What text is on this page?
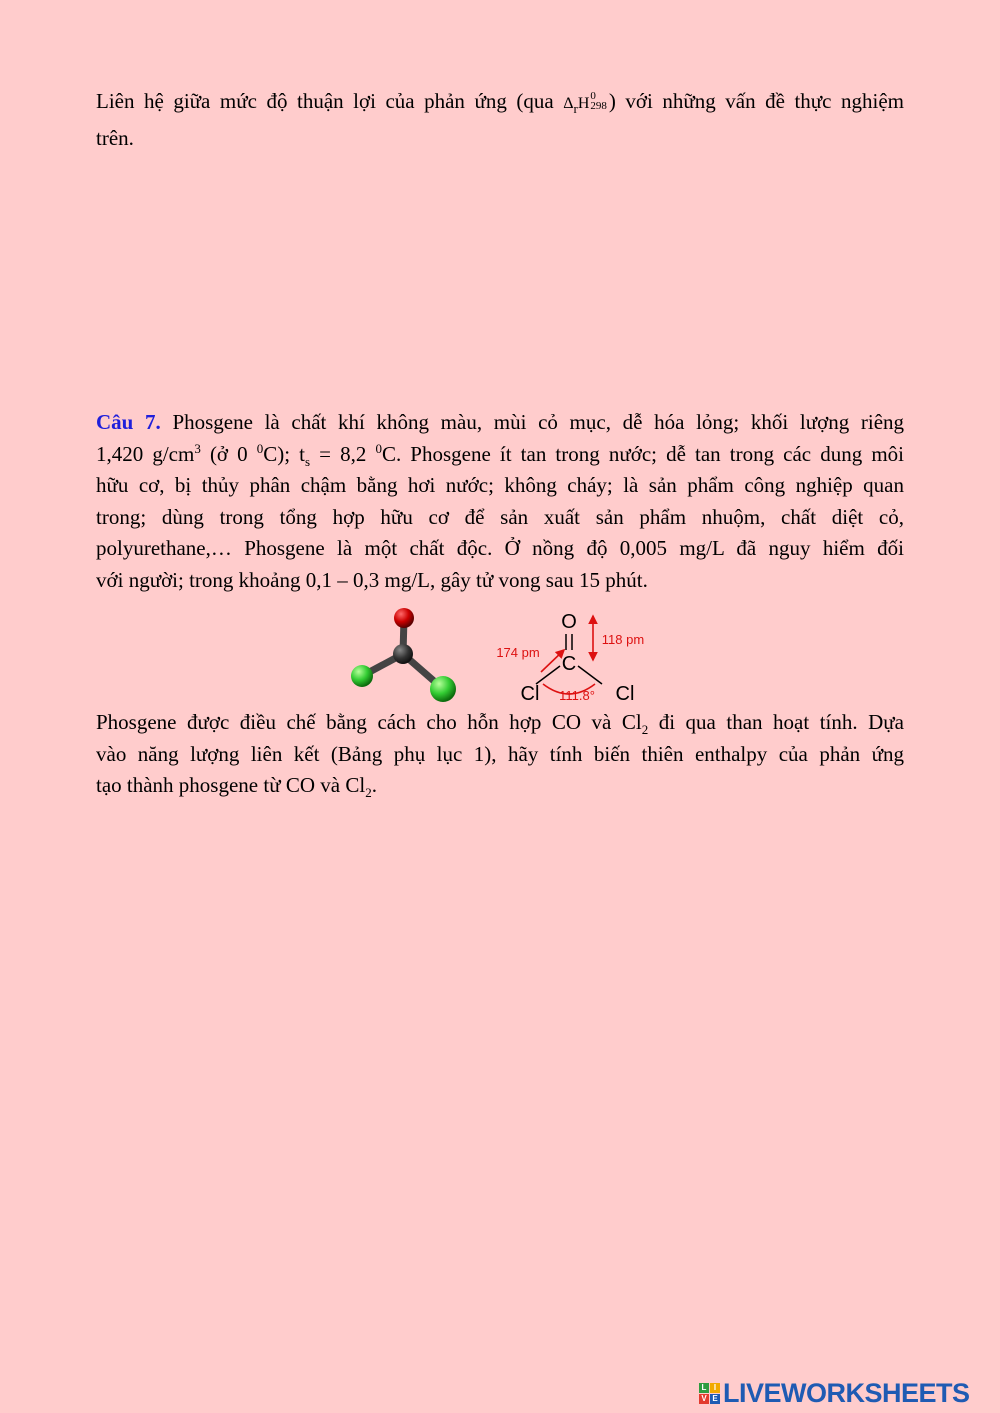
Liên hệ giữa mức độ thuận lợi của phản ứng (qua $\Delta_rH$ 0
298 ) với những vấn đề thực nghiệm
trên.
Câu 7. Phosgene là chất khí không màu, mùi cỏ mục, dễ hóa lỏng; khối lượng riêng
1,420 $g/cm^3$ (ở 0 $^0$C); $t_s = 8,2$ $^0$C. Phosgene ít tan trong nước; dễ tan trong các dung môi
hữu cơ, bị thủy phân chậm bằng hơi nước; không cháy; là sản phẩm công nghiệp quan
trong; dùng trong tổng hợp hữu cơ để sản xuất sản phẩm nhuộm, chất diệt cỏ,
polyurethane,… Phosgene là một chất độc. Ở nồng độ 0,005 mg/L đã nguy hiểm đối
với người; trong khoảng 0,1 – 0,3 mg/L, gây tử vong sau 15 phút.
O
C
Cl	Cl
174 pm
118 pm
111.8°
Phosgene được điều chế bằng cách cho hỗn hợp CO và $Cl_2$ đi qua than hoạt tính. Dựa
vào năng lượng liên kết (Bảng phụ lục 1), hãy tính biến thiên enthalpy của phản ứng
tạo thành phosgene từ CO và $Cl_2$.
L I
V E LIVEWORKSHEETS
